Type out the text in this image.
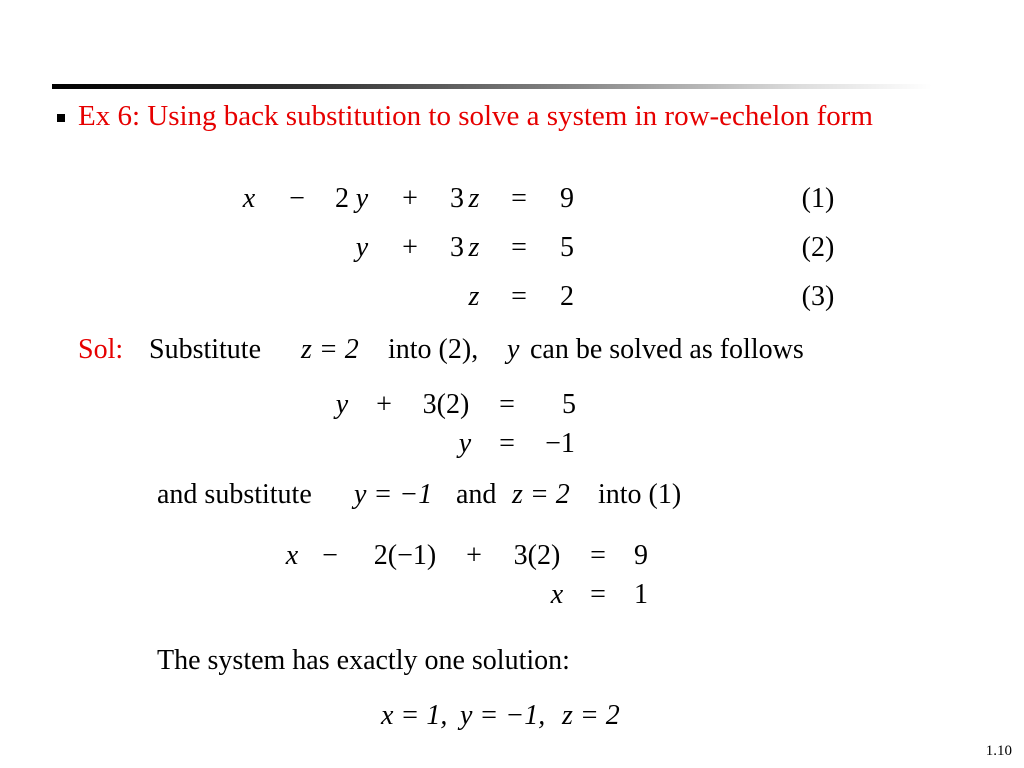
Ex 6: Using back substitution to solve a system in row-echelon form
x − 2 y + 3 z = 9	(1)
y + 3 z = 5	(2)
z = 2	(3)
Sol: Substitute z = 2 into (2), y can be solved as follows
y + 3(2) = 5
y = −1
and substitute y = −1 and z = 2 into (1)
x − 2(−1) + 3(2) = 9
x = 1
The system has exactly one solution:
x = 1, y = −1, z = 2
1.10
